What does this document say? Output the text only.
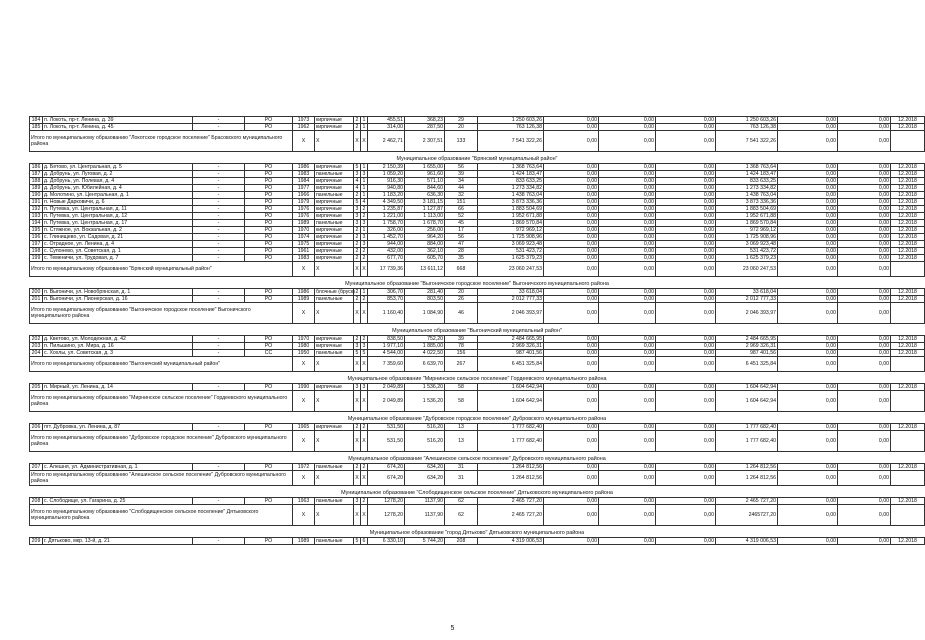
184	п. Локоть, пр-т. Ленина, д. 39	-	РО	1973	кирпичные	2	1	455,51	368,23	29	1 250 603,26	0,00	0,00	0,00	1 250 603,26	0,00	0,00	12.2018
185	п. Локоть, пр-т. Ленина, д. 45	-	РО	1962	кирпичные	2	1	314,00	287,50	20	763 126,38	0,00	0,00	0,00	763 126,38	0,00	0,00	12.2018
Итого по муниципальному образованию "Локотское городское поселение" Брасовского муниципального района				X	X	X	X	2 462,71	2 307,51	133	7 541 322,26	0,00	0,00	0,00	7 541 322,26	0,00	0,00	

Муниципальное образование "Брянский муниципальный район"																		
186	д. Бетово, ул. Центральная, д. 5	-	РО	1986	кирпичные	5	1	2 150,39	1 655,00	56	1 368 763,64	0,00	0,00	0,00	1 368 763,64	0,00	0,00	12.2018
187	д. Добрунь, ул. Луговая, д. 2	-	РО	1983	панельные	3	3	1 059,20	961,60	39	1 424 183,47	0,00	0,00	0,00	1 424 183,47	0,00	0,00	12.2018
188	д. Добрунь, ул. Полевая, д. 4	-	РО	1984	кирпичные	4	1	916,30	571,10	34	833 633,25	0,00	0,00	0,00	833 633,25	0,00	0,00	12.2018
189	д. Добрунь, ул. Юбилейная, д. 4	-	РО	1977	кирпичные	4	1	940,80	844,60	44	1 273 334,82	0,00	0,00	0,00	1 273 334,82	0,00	0,00	12.2018
190	д. Молотино, ул. Центральная, д. 1	-	РО	1966	панельные	2	1	1 183,20	636,30	32	1 438 763,04	0,00	0,00	0,00	1 438 763,04	0,00	0,00	12.2018
191	п. Новые Дарковичи, д. 6	-	РО	1979	кирпичные	5	4	4 349,50	3 181,15	151	3 873 336,36	0,00	0,00	0,00	3 873 336,36	0,00	0,00	12.2018
192	п. Путевка, ул. Центральная, д. 11	-	РО	1976	кирпичные	3	2	1 235,87	1 127,87	66	1 883 504,69	0,00	0,00	0,00	1 883 504,69	0,00	0,00	12.2018
193	п. Путевка, ул. Центральная, д. 12	-	РО	1976	кирпичные	3	2	1 221,00	1 113,00	52	1 952 671,88	0,00	0,00	0,00	1 952 671,88	0,00	0,00	12.2018
194	п. Путевка, ул. Центральная, д. 17	-	РО	1989	панельные	3	3	1 758,70	1 678,70	45	1 869 570,84	0,00	0,00	0,00	1 869 570,84	0,00	0,00	12.2018
195	п. Стяжное, ул. Вокзальная, д. 2	-	РО	1970	кирпичные	2	1	326,00	256,00	17	972 969,12	0,00	0,00	0,00	972 969,12	0,00	0,00	12.2018
196	с. Глинищево, ул. Садовая, д. 21	-	РО	1974	кирпичные	2	3	1 452,70	964,20	56	1 725 908,96	0,00	0,00	0,00	1 725 908,96	0,00	0,00	12.2018
197	с. Отрадное, ул. Ленина, д. 4	-	РО	1975	кирпичные	2	3	944,00	884,00	47	3 069 923,48	0,00	0,00	0,00	3 069 923,48	0,00	0,00	12.2018
198	с. Супонево, ул. Советская, д. 1	-	РО	1961	кирпичные	2	2	432,00	362,10	28	531 423,72	0,00	0,00	0,00	531 423,72	0,00	0,00	12.2018
199	с. Теменичи, ул. Трудовая, д. 7	-	РО	1983	кирпичные	2	2	677,70	605,70	35	1 625 379,23	0,00	0,00	0,00	1 625 379,23	0,00	0,00	12.2018
Итого по муниципальному образованию "Брянский муниципальный район"				X	X	X	X	17 739,36	13 611,12	668	23 060 247,53	0,00	0,00	0,00	23 060 247,53	0,00	0,00	

Муниципальное образование "Выгоничское городское поселение" Выгоничского муниципального района																		
200	п. Выгоничи, ул. Новобрянская, д. 1	-	РО	1986	блочные (бруск)	2	1	306,70	281,40	20	33 618,04	0,00	0,00	0,00	33 618,04	0,00	0,00	12.2018
201	п. Выгоничи, ул. Пионерская, д. 16	-	РО	1989	панельные	2	2	853,70	803,50	26	2 012 777,33	0,00	0,00	0,00	2 012 777,33	0,00	0,00	12.2018
Итого по муниципальному образованию "Выгоничское городское поселение" Выгоничского муниципального района				X	X	X	X	1 160,40	1 084,90	46	2 046 393,97	0,00	0,00	0,00	2 046 393,97	0,00	0,00	

Муниципальное образование "Выгоничский муниципальный район"																		
202	д. Кветово, ул. Молодежная, д. 42	-	РО	1970	кирпичные	2	2	838,50	752,20	39	2 484 665,95	0,00	0,00	0,00	2 484 665,95	0,00	0,00	12.2018
203	п. Пильшино, ул. Мира, д. 16	-	РО	1980	кирпичные	3	3	1 977,10	1 885,00	78	2 969 326,31	0,00	0,00	0,00	2 969 326,31	0,00	0,00	12.2018
204	с. Хохлы, ул. Советская, д. 3	-	СС	1950	панельные	5	5	4 544,00	4 022,50	156	987 401,56	0,00	0,00	0,00	987 401,56	0,00	0,00	12.2018
Итого по муниципальному образованию "Выгоничский муниципальный район"				X	X	X	X	7 359,60	6 639,70	267	6 451 325,84	0,00	0,00	0,00	6 451 325,84	0,00	0,00	

Муниципальное образование "Мирнинское сельское поселение" Гордеевского муниципального района																		
205	п. Мирный, ул. Ленина, д. 14	-	РО	1990	кирпичные	3	3	2 049,89	1 536,20	58	1 604 642,94	0,00	0,00	0,00	1 604 642,94	0,00	0,00	12.2018
Итого по муниципальному образованию "Мирнинское сельское поселение" Гордеевского муниципального района				X	X	X	X	2 049,89	1 536,20	58	1 604 642,94	0,00	0,00	0,00	1 604 642,94	0,00	0,00	

Муниципальное образование "Дубровское городское поселение" Дубровского муниципального района																		
206	пгт. Дубровка, ул. Ленина, д. 87	-	РО	1965	кирпичные	2	2	531,50	516,20	13	1 777 682,40	0,00	0,00	0,00	1 777 682,40	0,00	0,00	12.2018
Итого по муниципальному образованию "Дубровское городское поселение" Дубровского муниципального района				X	X	X	X	531,50	516,20	13	1 777 682,40	0,00	0,00	0,00	1 777 682,40	0,00	0,00	

Муниципальное образование "Алешинское сельское поселение" Дубровского муниципального района																		
207	с. Алешня, ул. Административная, д. 1	-	РО	1972	панельные	2	2	674,20	634,20	31	1 264 812,56	0,00	0,00	0,00	1 264 812,56	0,00	0,00	12.2018
Итого по муниципальному образованию "Алешинское сельское поселение" Дубровского муниципального района				X	X	X	X	674,20	634,20	31	1 264 812,56	0,00	0,00	0,00	1 264 812,56	0,00	0,00	

Муниципальное образование "Слободищенское сельское поселение" Дятьковского муниципального района																		
208	с. Слободище, ул. Гагарина, д. 25	-	РО	1963	панельные	3	2	1278,20	1137,90	62	2 465 727,20	0,00	0,00	0,00	2 465 727,20	0,00	0,00	12.2018
Итого по муниципальному образованию "Слободищенское сельское поселение" Дятьковского муниципального района				X	X	X	X	1278,20	1137,90	62	2 465 727,20	0,00	0,00	0,00	2465727,20	0,00	0,00	

Муниципальное образование "город Дятьково" Дятьковского муниципального района																		
209	г. Дятьково, мкр. 13-й, д. 21	-	РО	1989	панельные	5	6	6 330,10	5 744,20	208	4 319 006,53	0,00	0,00	0,00	4 319 006,53	0,00	0,00	12.2018
5
